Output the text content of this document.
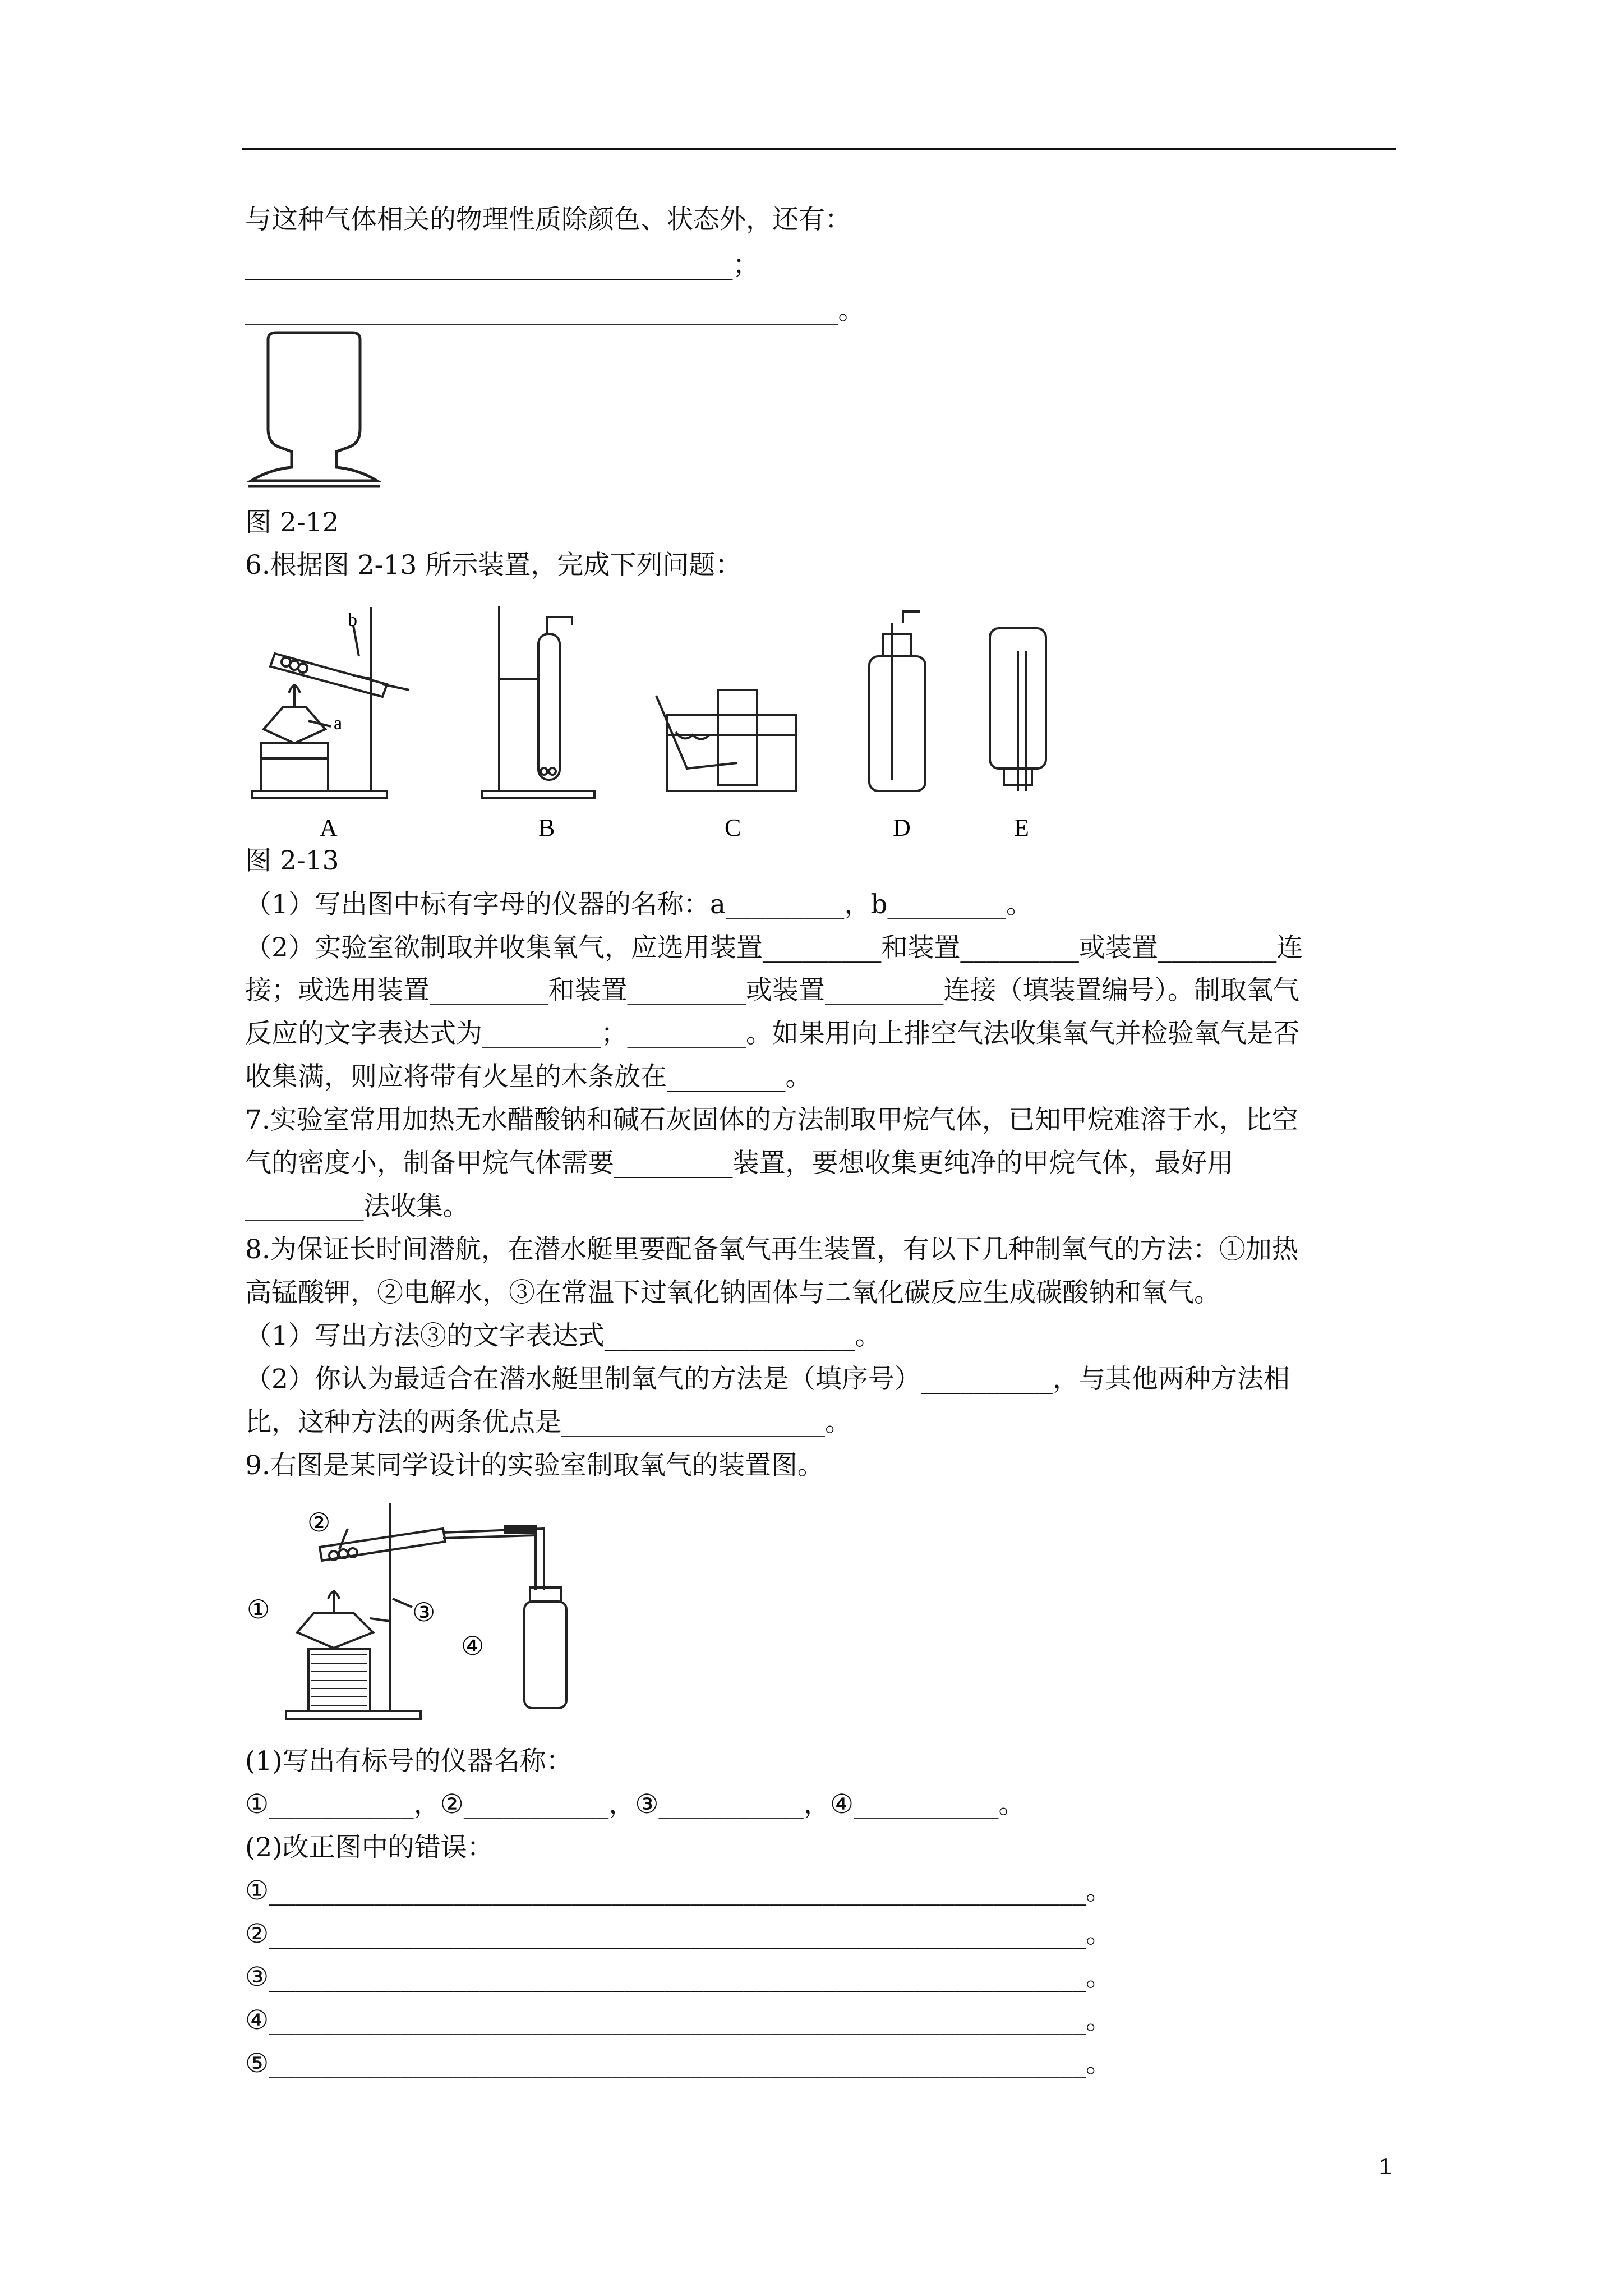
与这种气体相关的物理性质除颜色、状态外，还有：
_____________________________________；
_____________________________________________。
图 2-12
6.根据图 2-13 所示装置，完成下列问题：
b
a
A	B	C	D	E
图 2-13
（1）写出图中标有字母的仪器的名称：a_________，b_________。
（2）实验室欲制取并收集氧气，应选用装置_________和装置_________或装置_________连
接；或选用装置_________和装置_________或装置_________连接（填装置编号）。制取氧气
反应的文字表达式为_________；_________。如果用向上排空气法收集氧气并检验氧气是否
收集满，则应将带有火星的木条放在_________。
7.实验室常用加热无水醋酸钠和碱石灰固体的方法制取甲烷气体，已知甲烷难溶于水，比空
气的密度小，制备甲烷气体需要_________装置，要想收集更纯净的甲烷气体，最好用
_________法收集。
8.为保证长时间潜航，在潜水艇里要配备氧气再生装置，有以下几种制氧气的方法：①加热
高锰酸钾，②电解水，③在常温下过氧化钠固体与二氧化碳反应生成碳酸钠和氧气。
（1）写出方法③的文字表达式___________________。
（2）你认为最适合在潜水艇里制氧气的方法是（填序号）__________，与其他两种方法相
比，这种方法的两条优点是____________________。
9.右图是某同学设计的实验室制取氧气的装置图。
②
①	③
④
(1)写出有标号的仪器名称：
①___________，②___________，③___________，④___________。
(2)改正图中的错误：
①______________________________________________________________。
②______________________________________________________________。
③______________________________________________________________。
④______________________________________________________________。
⑤______________________________________________________________。
1
